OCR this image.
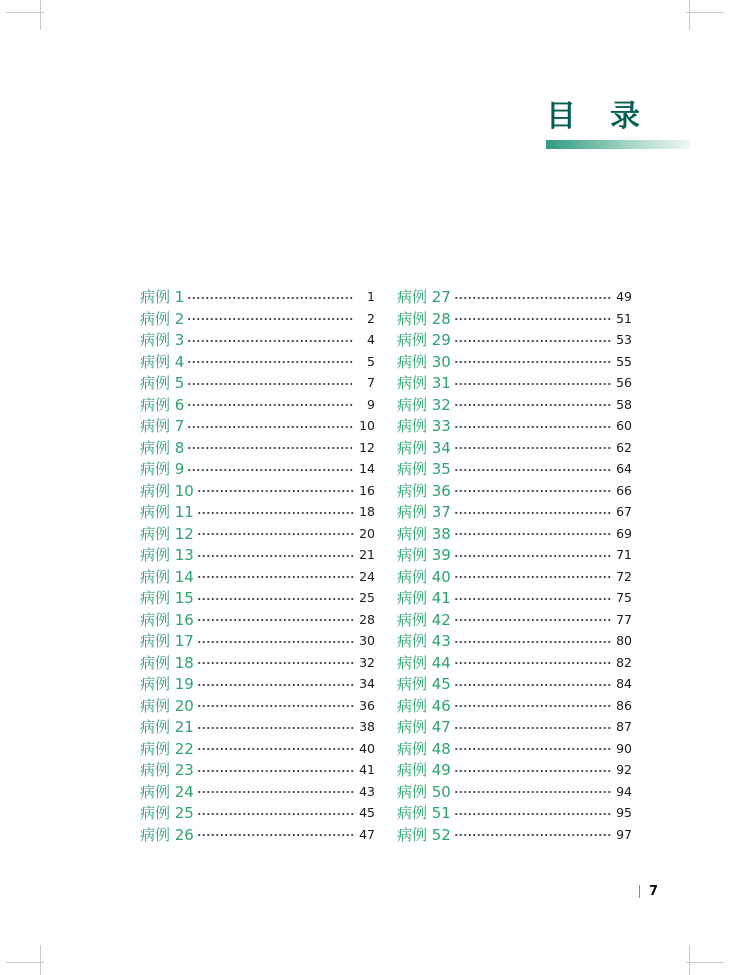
目　录
病例 1	1
病例 2	2
病例 3	4
病例 4	5
病例 5	7
病例 6	9
病例 7	10
病例 8	12
病例 9	14
病例 10	16
病例 11	18
病例 12	20
病例 13	21
病例 14	24
病例 15	25
病例 16	28
病例 17	30
病例 18	32
病例 19	34
病例 20	36
病例 21	38
病例 22	40
病例 23	41
病例 24	43
病例 25	45
病例 26	47
病例 27	49
病例 28	51
病例 29	53
病例 30	55
病例 31	56
病例 32	58
病例 33	60
病例 34	62
病例 35	64
病例 36	66
病例 37	67
病例 38	69
病例 39	71
病例 40	72
病例 41	75
病例 42	77
病例 43	80
病例 44	82
病例 45	84
病例 46	86
病例 47	87
病例 48	90
病例 49	92
病例 50	94
病例 51	95
病例 52	97
7
